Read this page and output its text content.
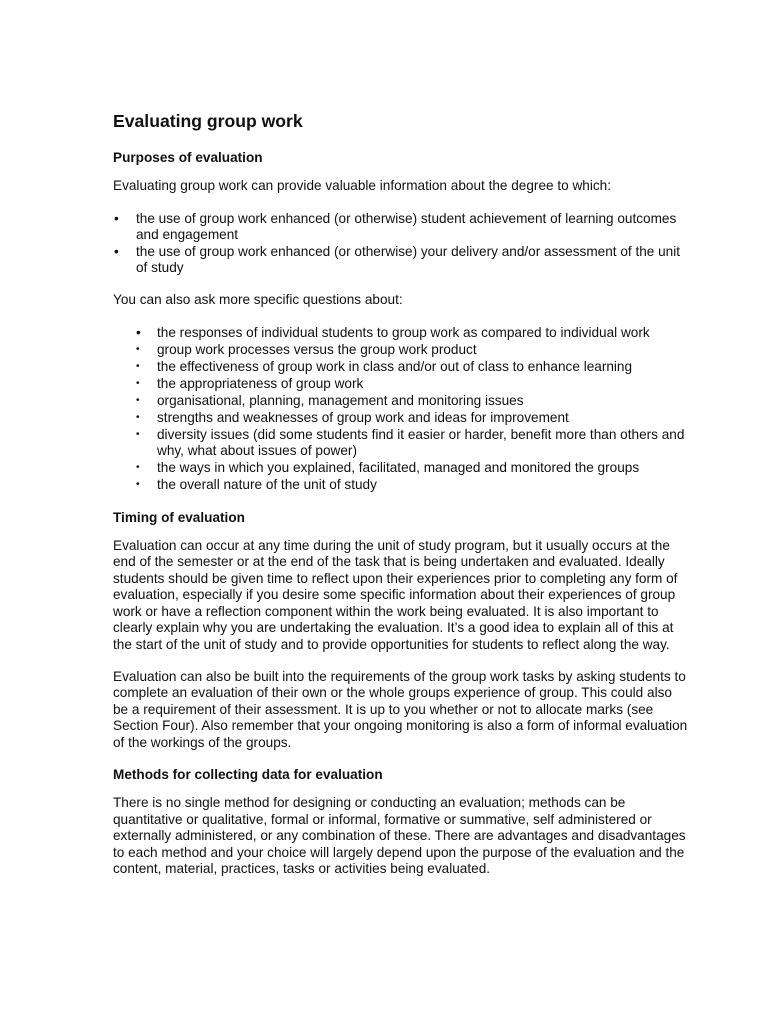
Evaluating group work
Purposes of evaluation

Evaluating group work can provide valuable information about the degree to which:

• the use of group work enhanced (or otherwise) student achievement of learning outcomes and engagement
• the use of group work enhanced (or otherwise) your delivery and/or assessment of the unit of study

You can also ask more specific questions about:

• the responses of individual students to group work as compared to individual work
• group work processes versus the group work product
• the effectiveness of group work in class and/or out of class to enhance learning
• the appropriateness of group work
• organisational, planning, management and monitoring issues
• strengths and weaknesses of group work and ideas for improvement
• diversity issues (did some students find it easier or harder, benefit more than others and why, what about issues of power)
• the ways in which you explained, facilitated, managed and monitored the groups
• the overall nature of the unit of study
Timing of evaluation

Evaluation can occur at any time during the unit of study program, but it usually occurs at the end of the semester or at the end of the task that is being undertaken and evaluated. Ideally students should be given time to reflect upon their experiences prior to completing any form of evaluation, especially if you desire some specific information about their experiences of group work or have a reflection component within the work being evaluated. It is also important to clearly explain why you are undertaking the evaluation. It’s a good idea to explain all of this at the start of the unit of study and to provide opportunities for students to reflect along the way.

Evaluation can also be built into the requirements of the group work tasks by asking students to complete an evaluation of their own or the whole groups experience of group. This could also be a requirement of their assessment. It is up to you whether or not to allocate marks (see Section Four). Also remember that your ongoing monitoring is also a form of informal evaluation of the workings of the groups.

Methods for collecting data for evaluation

There is no single method for designing or conducting an evaluation; methods can be quantitative or qualitative, formal or informal, formative or summative, self administered or externally administered, or any combination of these. There are advantages and disadvantages to each method and your choice will largely depend upon the purpose of the evaluation and the content, material, practices, tasks or activities being evaluated.
